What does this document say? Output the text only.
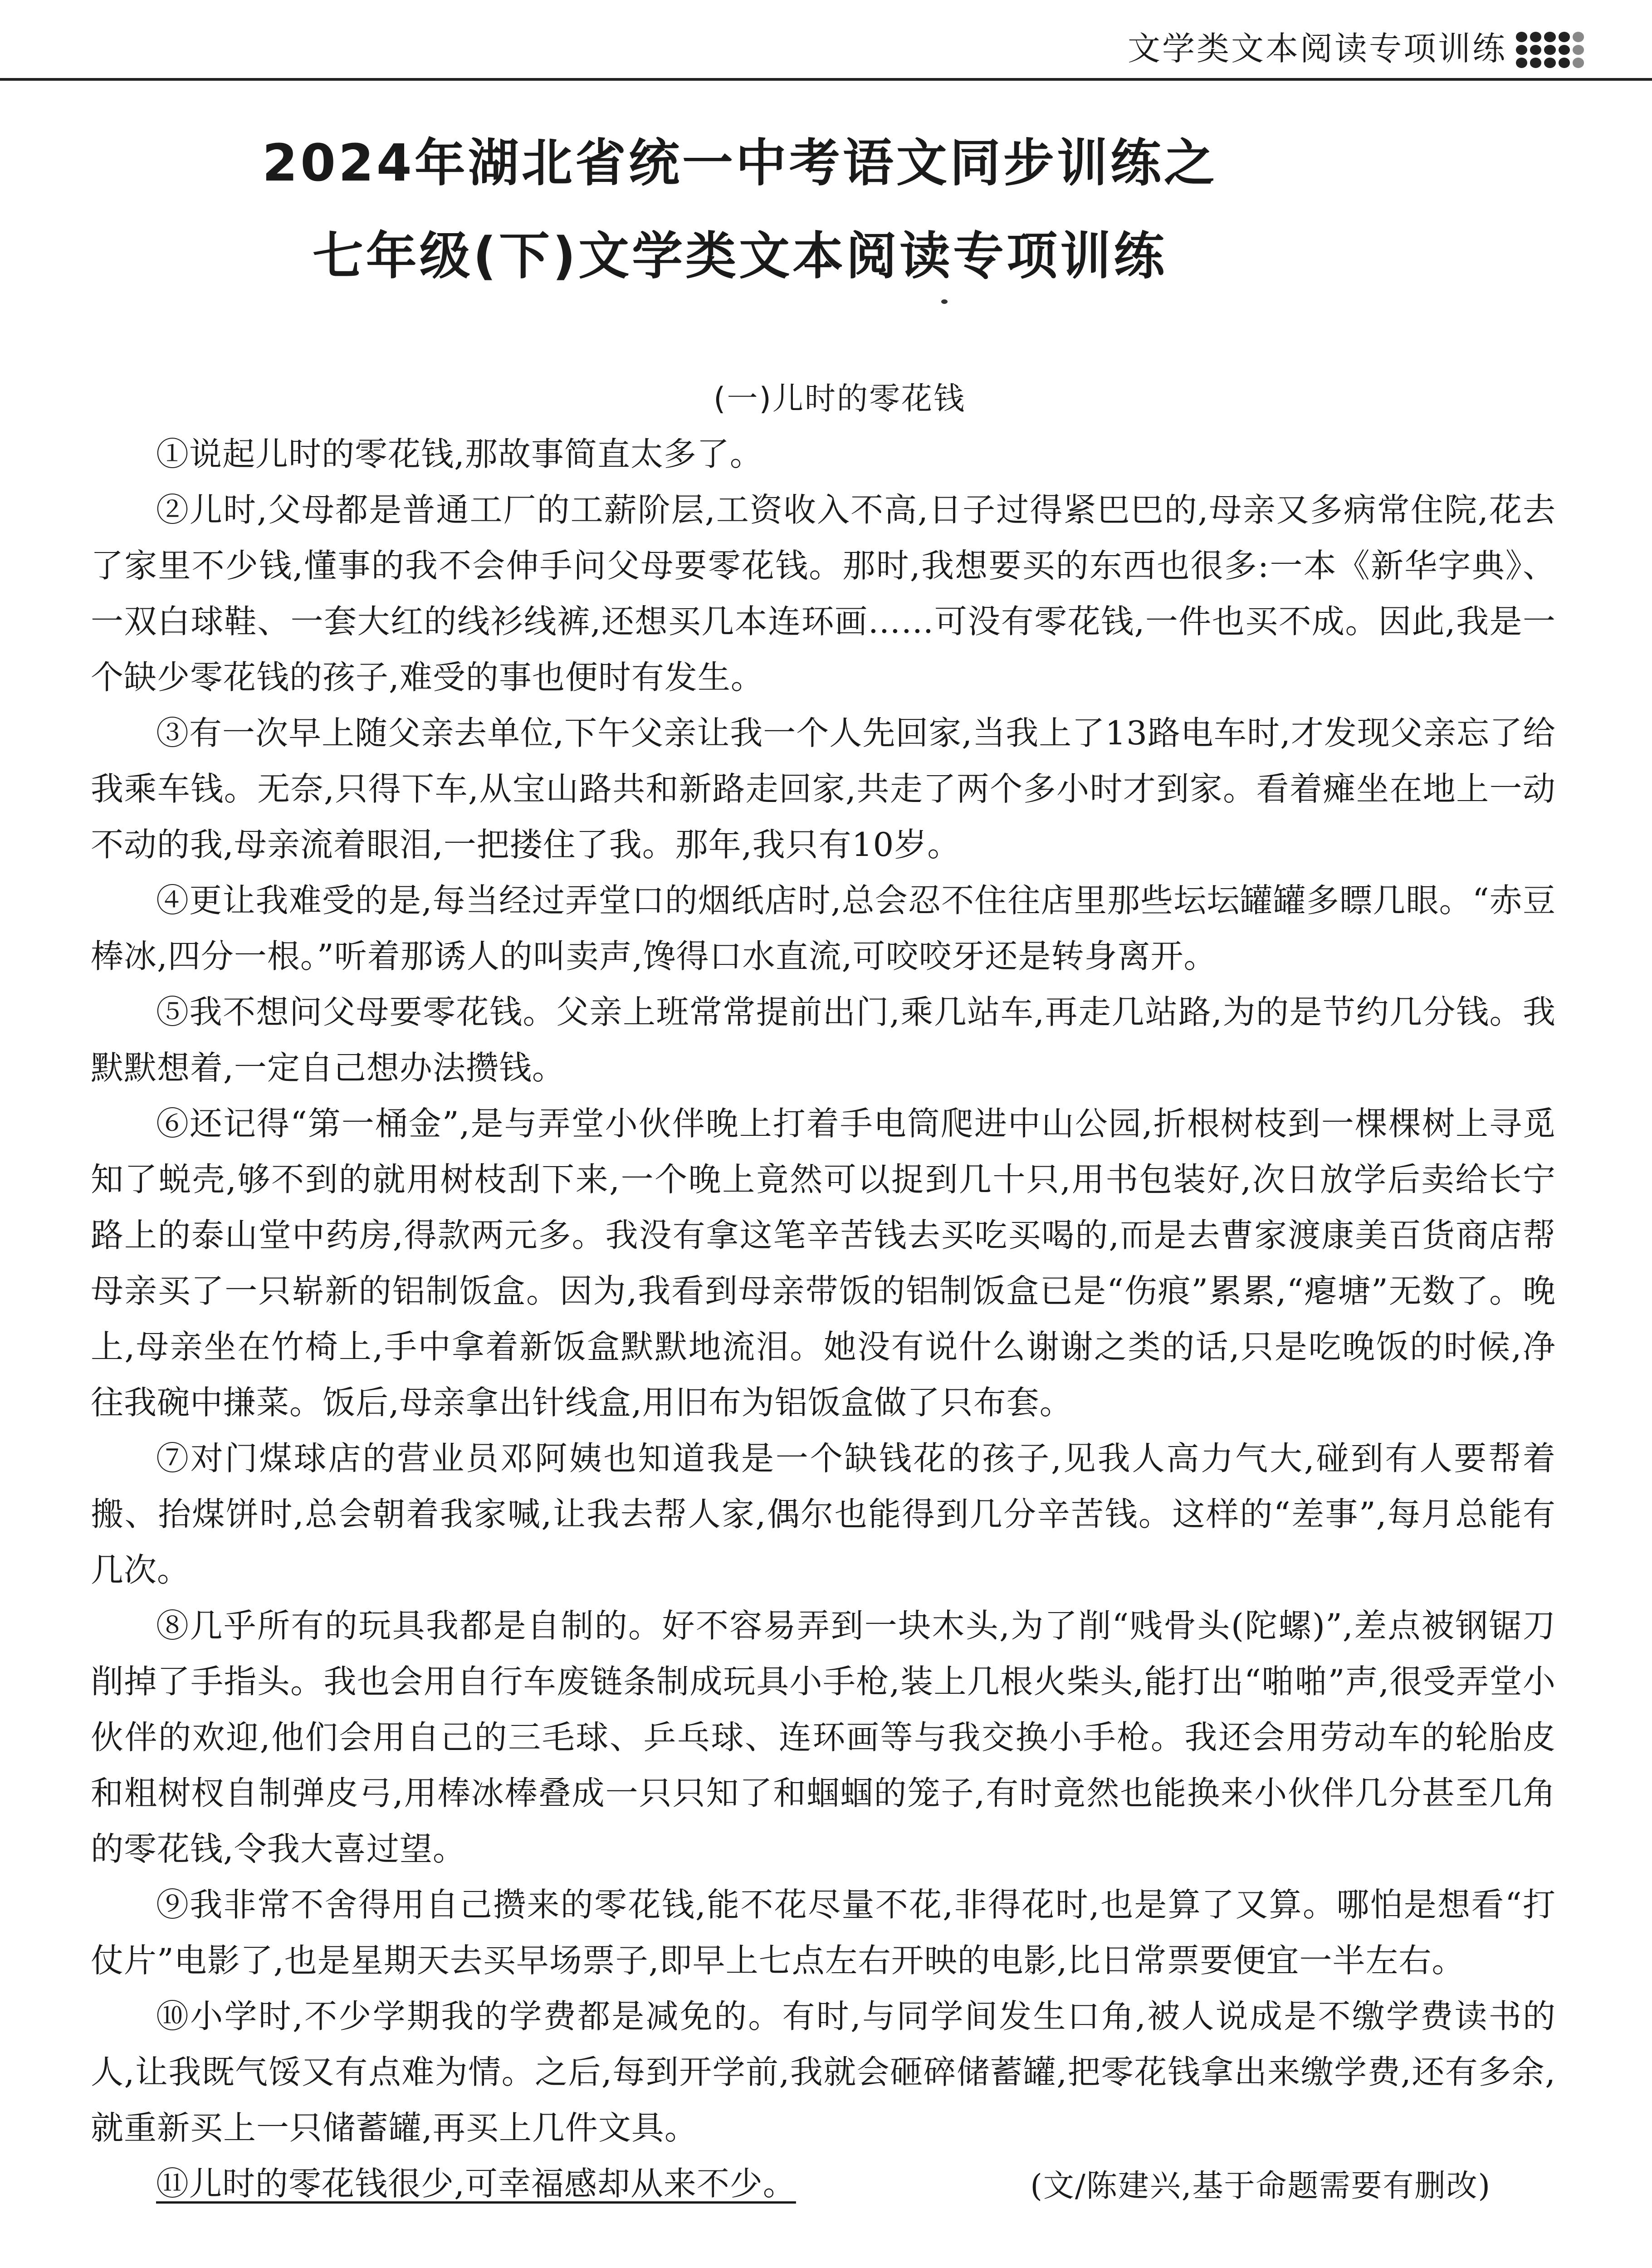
文学类文本阅读专项训练
2024年湖北省统一中考语文同步训练之
七年级(下)文学类文本阅读专项训练
(一)儿时的零花钱

①说起儿时的零花钱,那故事简直太多了。

②儿时,父母都是普通工厂的工薪阶层,工资收入不高,日子过得紧巴巴的,母亲又多病常住院,花去了家里不少钱,懂事的我不会伸手问父母要零花钱。那时,我想要买的东西也很多:一本《新华字典》、一双白球鞋、一套大红的线衫线裤,还想买几本连环画……可没有零花钱,一件也买不成。因此,我是一个缺少零花钱的孩子,难受的事也便时有发生。

③有一次早上随父亲去单位,下午父亲让我一个人先回家,当我上了13路电车时,才发现父亲忘了给我乘车钱。无奈,只得下车,从宝山路共和新路走回家,共走了两个多小时才到家。看着瘫坐在地上一动不动的我,母亲流着眼泪,一把搂住了我。那年,我只有10岁。

④更让我难受的是,每当经过弄堂口的烟纸店时,总会忍不住往店里那些坛坛罐罐多瞟几眼。“赤豆棒冰,四分一根。”听着那诱人的叫卖声,馋得口水直流,可咬咬牙还是转身离开。

⑤我不想问父母要零花钱。父亲上班常常提前出门,乘几站车,再走几站路,为的是节约几分钱。我默默想着,一定自己想办法攒钱。

⑥还记得“第一桶金”,是与弄堂小伙伴晚上打着手电筒爬进中山公园,折根树枝到一棵棵树上寻觅知了蜕壳,够不到的就用树枝刮下来,一个晚上竟然可以捉到几十只,用书包装好,次日放学后卖给长宁路上的泰山堂中药房,得款两元多。我没有拿这笔辛苦钱去买吃买喝的,而是去曹家渡康美百货商店帮母亲买了一只崭新的铝制饭盒。因为,我看到母亲带饭的铝制饭盒已是“伤痕”累累,“瘪塘”无数了。晚上,母亲坐在竹椅上,手中拿着新饭盒默默地流泪。她没有说什么谢谢之类的话,只是吃晚饭的时候,净往我碗中搛菜。饭后,母亲拿出针线盒,用旧布为铝饭盒做了只布套。

⑦对门煤球店的营业员邓阿姨也知道我是一个缺钱花的孩子,见我人高力气大,碰到有人要帮着搬、抬煤饼时,总会朝着我家喊,让我去帮人家,偶尔也能得到几分辛苦钱。这样的“差事”,每月总能有几次。

⑧几乎所有的玩具我都是自制的。好不容易弄到一块木头,为了削“贱骨头(陀螺)”,差点被钢锯刀削掉了手指头。我也会用自行车废链条制成玩具小手枪,装上几根火柴头,能打出“啪啪”声,很受弄堂小伙伴的欢迎,他们会用自己的三毛球、乒乓球、连环画等与我交换小手枪。我还会用劳动车的轮胎皮和粗树杈自制弹皮弓,用棒冰棒叠成一只只知了和蝈蝈的笼子,有时竟然也能换来小伙伴几分甚至几角的零花钱,令我大喜过望。

⑨我非常不舍得用自己攒来的零花钱,能不花尽量不花,非得花时,也是算了又算。哪怕是想看“打仗片”电影了,也是星期天去买早场票子,即早上七点左右开映的电影,比日常票要便宜一半左右。

⑩小学时,不少学期我的学费都是减免的。有时,与同学间发生口角,被人说成是不缴学费读书的人,让我既气馁又有点难为情。之后,每到开学前,我就会砸碎储蓄罐,把零花钱拿出来缴学费,还有多余,就重新买上一只储蓄罐,再买上几件文具。

⑪儿时的零花钱很少,可幸福感却从来不少。	(文/陈建兴,基于命题需要有删改)
